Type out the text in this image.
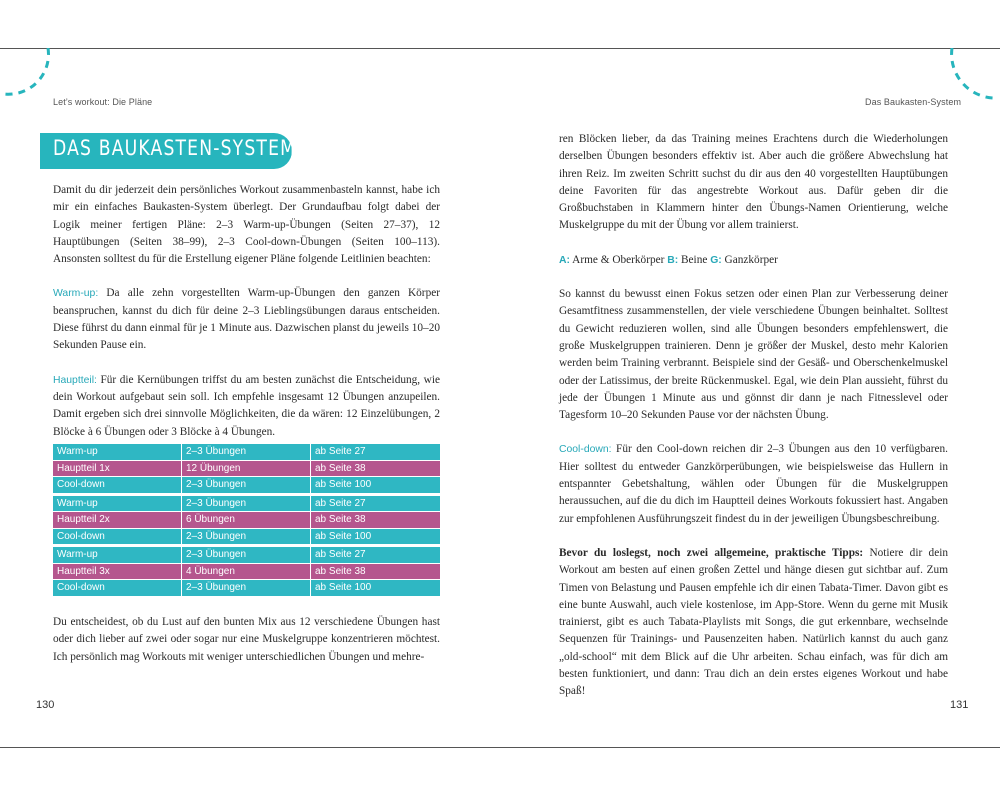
Let’s workout: Die Pläne
DAS BAUKASTEN-SYSTEM

Damit du dir jederzeit dein persönliches Workout zusammenbasteln kannst, habe ich mir ein einfaches Baukasten-System überlegt. Der Grundaufbau folgt dabei der Logik meiner fertigen Pläne: 2–3 Warm-up-Übungen (Seiten 27–37), 12 Hauptübungen (Seiten 38–99), 2–3 Cool-down-Übungen (Seiten 100–113). Ansonsten solltest du für die Erstellung eigener Pläne folgende Leitlinien beachten:

Warm-up: Da alle zehn vorgestellten Warm-up-Übungen den ganzen Körper beanspruchen, kannst du dich für deine 2–3 Lieblingsübungen daraus entscheiden. Diese führst du dann einmal für je 1 Minute aus. Dazwischen planst du jeweils 10–20 Sekunden Pause ein.

Hauptteil: Für die Kernübungen triffst du am besten zunächst die Entscheidung, wie dein Workout aufgebaut sein soll. Ich empfehle insgesamt 12 Übungen anzupeilen. Damit ergeben sich drei sinnvolle Möglichkeiten, die da wären: 12 Einzelübungen, 2 Blöcke à 6 Übungen oder 3 Blöcke à 4 Übungen.

Warm-up	2–3 Übungen	ab Seite 27
Hauptteil 1x	12 Übungen	ab Seite 38
Cool-down	2–3 Übungen	ab Seite 100

Warm-up	2–3 Übungen	ab Seite 27
Hauptteil 2x	6 Übungen	ab Seite 38
Cool-down	2–3 Übungen	ab Seite 100

Warm-up	2–3 Übungen	ab Seite 27
Hauptteil 3x	4 Übungen	ab Seite 38
Cool-down	2–3 Übungen	ab Seite 100

Du entscheidest, ob du Lust auf den bunten Mix aus 12 verschiedene Übungen hast oder dich lieber auf zwei oder sogar nur eine Muskelgruppe konzentrieren möchtest. Ich persönlich mag Workouts mit weniger unterschiedlichen Übungen und mehre-

130
Das Baukasten-System

ren Blöcken lieber, da das Training meines Erachtens durch die Wiederholungen derselben Übungen besonders effektiv ist. Aber auch die größere Abwechslung hat ihren Reiz. Im zweiten Schritt suchst du dir aus den 40 vorgestellten Hauptübungen deine Favoriten für das angestrebte Workout aus. Dafür geben dir die Großbuchstaben in Klammern hinter den Übungs-Namen Orientierung, welche Muskelgruppe du mit der Übung vor allem trainierst.

A: Arme & Oberkörper B: Beine G: Ganzkörper

So kannst du bewusst einen Fokus setzen oder einen Plan zur Verbesserung deiner Gesamtfitness zusammenstellen, der viele verschiedene Übungen beinhaltet. Solltest du Gewicht reduzieren wollen, sind alle Übungen besonders empfehlenswert, die große Muskelgruppen trainieren. Denn je größer der Muskel, desto mehr Kalorien werden beim Training verbrannt. Beispiele sind der Gesäß- und Oberschenkelmuskel oder der Latissimus, der breite Rückenmuskel. Egal, wie dein Plan aussieht, führst du jede der Übungen 1 Minute aus und gönnst dir dann je nach Fitnesslevel oder Tagesform 10–20 Sekunden Pause vor der nächsten Übung.

Cool-down: Für den Cool-down reichen dir 2–3 Übungen aus den 10 verfügbaren. Hier solltest du entweder Ganzkörperübungen, wie beispielsweise das Hullern in entspannter Gebetshaltung, wählen oder Übungen für die Muskelgruppen heraussuchen, auf die du dich im Hauptteil deines Workouts fokussiert hast. Angaben zur empfohlenen Ausführungszeit findest du in der jeweiligen Übungsbeschreibung.

Bevor du loslegst, noch zwei allgemeine, praktische Tipps: Notiere dir dein Workout am besten auf einen großen Zettel und hänge diesen gut sichtbar auf. Zum Timen von Belastung und Pausen empfehle ich dir einen Tabata-Timer. Davon gibt es eine bunte Auswahl, auch viele kostenlose, im App-Store. Wenn du gerne mit Musik trainierst, gibt es auch Tabata-Playlists mit Songs, die gut erkennbare, wechselnde Sequenzen für Trainings- und Pausenzeiten haben. Natürlich kannst du auch ganz „old-school“ mit dem Blick auf die Uhr arbeiten. Schau einfach, was für dich am besten funktioniert, und dann: Trau dich an dein erstes eigenes Workout und habe Spaß!

131
